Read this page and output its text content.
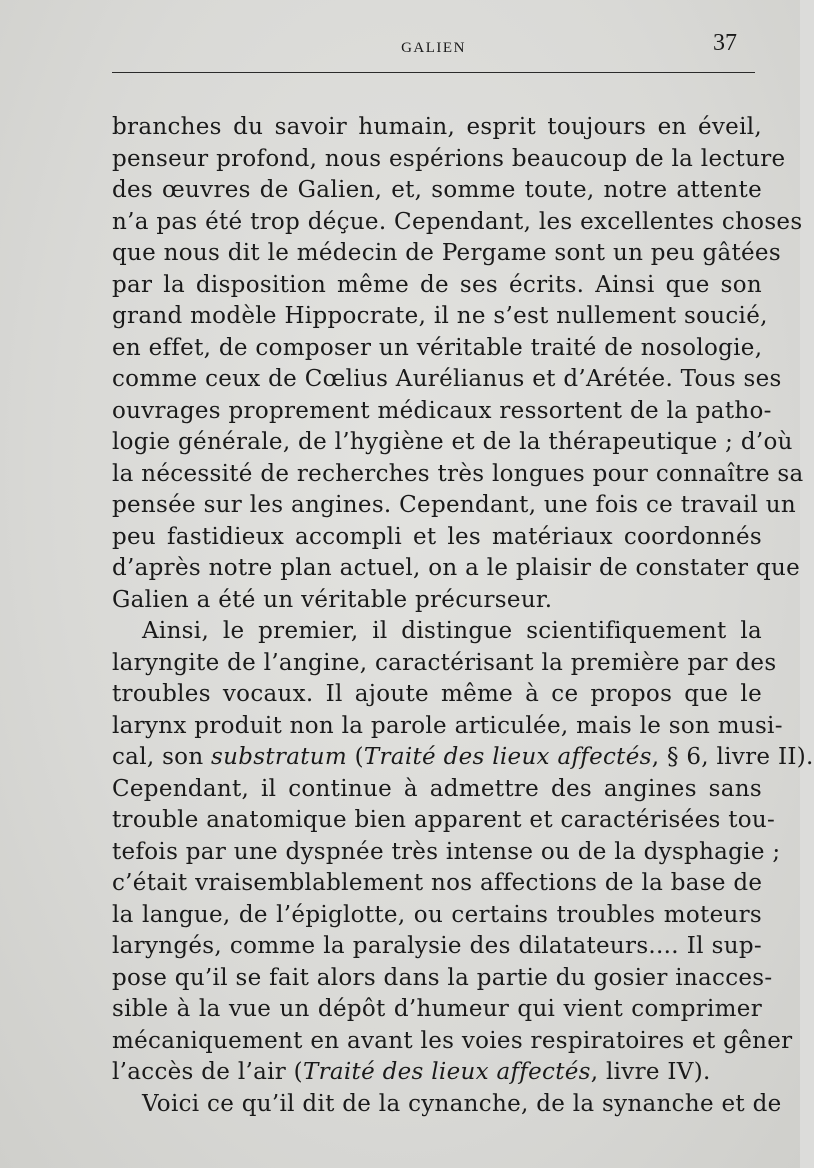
GALIEN	37
branches du savoir humain, esprit toujours en éveil,
penseur profond, nous espérions beaucoup de la lecture
des œuvres de Galien, et, somme toute, notre attente
n’a pas été trop déçue. Cependant, les excellentes choses
que nous dit le médecin de Pergame sont un peu gâtées
par la disposition même de ses écrits. Ainsi que son
grand modèle Hippocrate, il ne s’est nullement soucié,
en effet, de composer un véritable traité de nosologie,
comme ceux de Cœlius Aurélianus et d’Arétée. Tous ses
ouvrages proprement médicaux ressortent de la patho-
logie générale, de l’hygiène et de la thérapeutique ; d’où
la nécessité de recherches très longues pour connaître sa
pensée sur les angines. Cependant, une fois ce travail un
peu fastidieux accompli et les matériaux coordonnés
d’après notre plan actuel, on a le plaisir de constater que
Galien a été un véritable précurseur.
Ainsi, le premier, il distingue scientifiquement la
laryngite de l’angine, caractérisant la première par des
troubles vocaux. Il ajoute même à ce propos que le
larynx produit non la parole articulée, mais le son musi-
cal, son substratum (Traité des lieux affectés, § 6, livre II).
Cependant, il continue à admettre des angines sans
trouble anatomique bien apparent et caractérisées tou-
tefois par une dyspnée très intense ou de la dysphagie ;
c’était vraisemblablement nos affections de la base de
la langue, de l’épiglotte, ou certains troubles moteurs
laryngés, comme la paralysie des dilatateurs.... Il sup-
pose qu’il se fait alors dans la partie du gosier inacces-
sible à la vue un dépôt d’humeur qui vient comprimer
mécaniquement en avant les voies respiratoires et gêner
l’accès de l’air (Traité des lieux affectés, livre IV).
Voici ce qu’il dit de la cynanche, de la synanche et de
